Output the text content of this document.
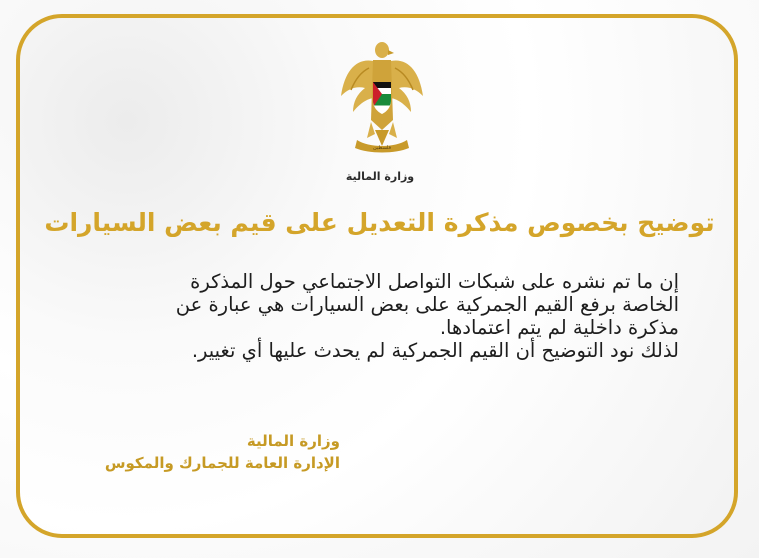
فلسطين
وزارة المالية
توضيح بخصوص مذكرة التعديل على قيم بعض السيارات
إن ما تم نشره على شبكات التواصل الاجتماعي حول المذكرة
الخاصة برفع القيم الجمركية على بعض السيارات هي عبارة عن
مذكرة داخلية لم يتم اعتمادها.
لذلك نود التوضيح أن القيم الجمركية لم يحدث عليها أي تغيير.
وزارة المالية
الإدارة العامة للجمارك والمكوس
